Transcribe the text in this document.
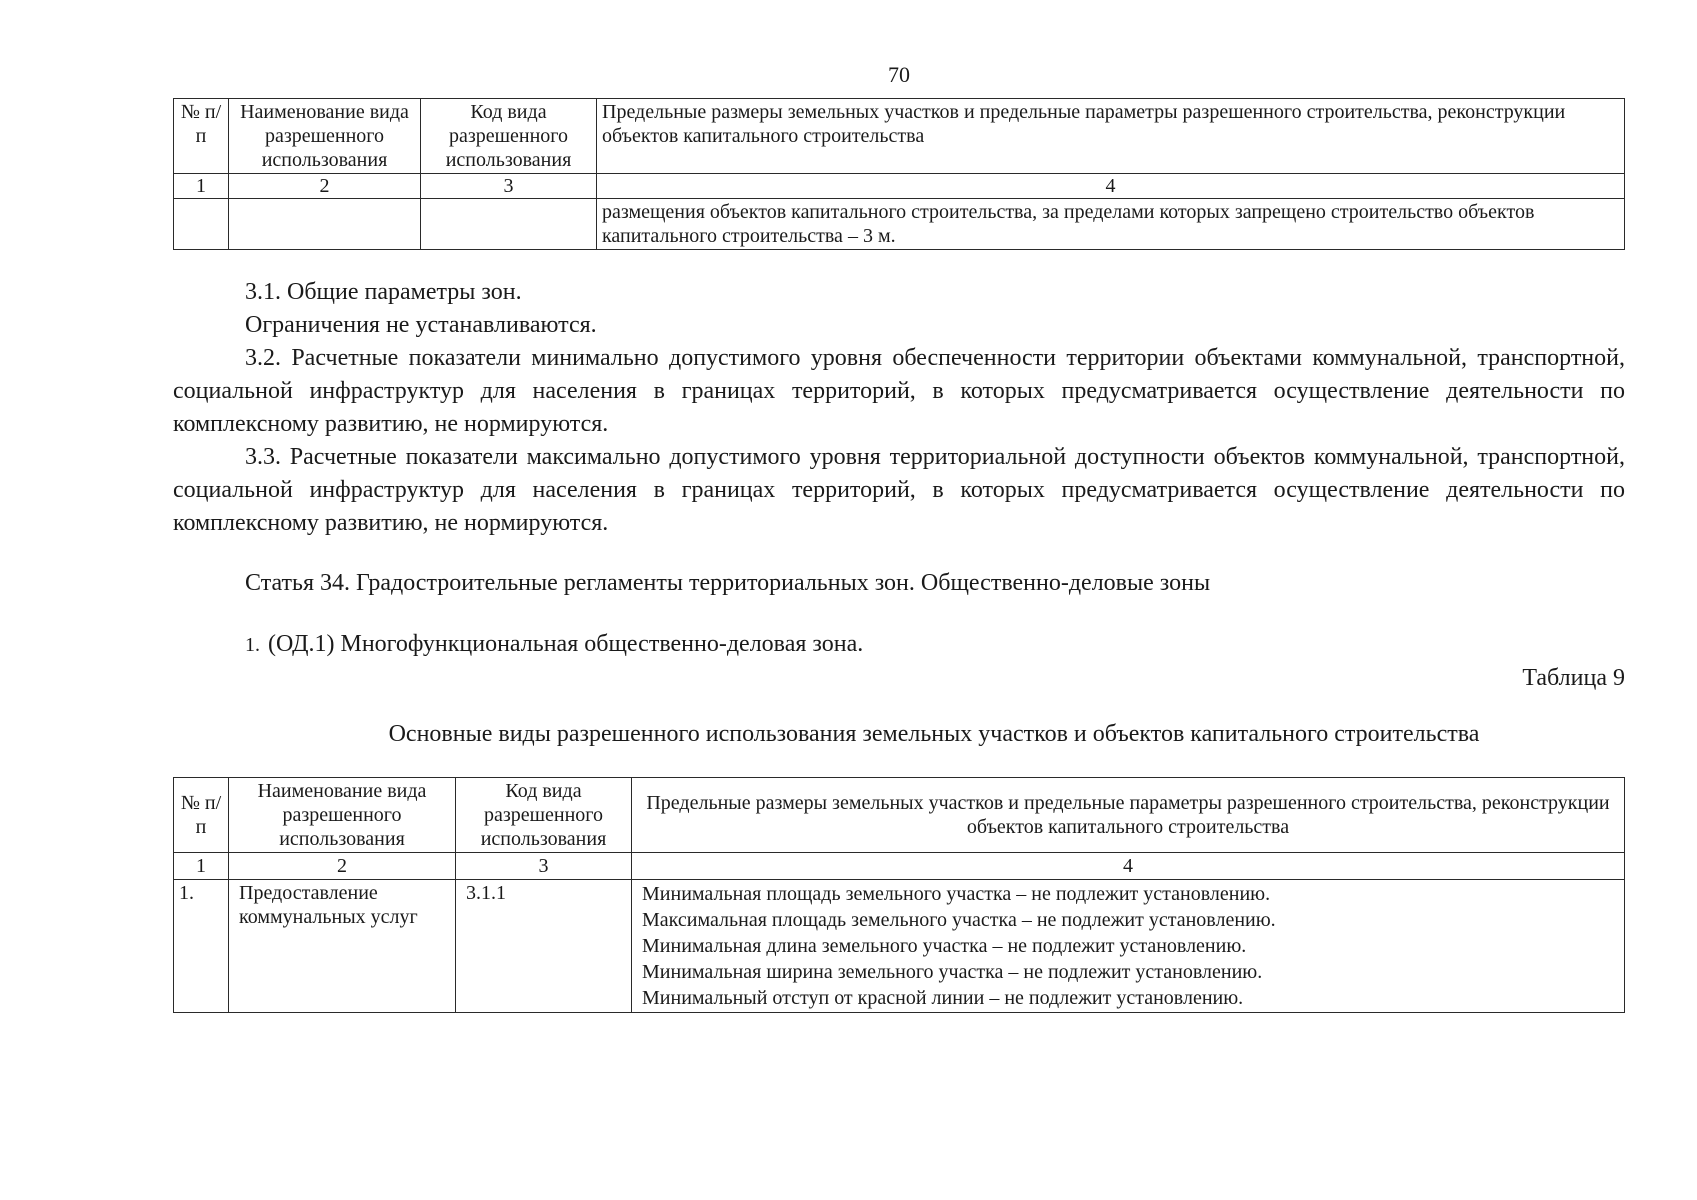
70
№ п/п	Наименование вида разрешенного использования	Код вида разрешенного использования	Предельные размеры земельных участков и предельные параметры разрешенного строительства, реконструкции объектов капитального строительства
1	2	3	4
			размещения объектов капитального строительства, за пределами которых запрещено строительство объектов капитального строительства – 3 м.
3.1. Общие параметры зон.
Ограничения не устанавливаются.
3.2. Расчетные показатели минимально допустимого уровня обеспеченности территории объектами коммунальной, транспортной, социальной инфраструктур для населения в границах территорий, в которых предусматривается осуществление деятельности по комплексному развитию, не нормируются.
3.3. Расчетные показатели максимально допустимого уровня территориальной доступности объектов коммунальной, транспортной, социальной инфраструктур для населения в границах территорий, в которых предусматривается осуществление деятельности по комплексному развитию, не нормируются.
Статья 34. Градостроительные регламенты территориальных зон. Общественно-деловые зоны
1. (ОД.1) Многофункциональная общественно-деловая зона.
Таблица 9
Основные виды разрешенного использования земельных участков и объектов капитального строительства
№ п/п	Наименование вида разрешенного использования	Код вида разрешенного использования	Предельные размеры земельных участков и предельные параметры разрешенного строительства, реконструкции объектов капитального строительства
1	2	3	4
1.	Предоставление коммунальных услуг	3.1.1	Минимальная площадь земельного участка – не подлежит установлению.
Максимальная площадь земельного участка – не подлежит установлению.
Минимальная длина земельного участка – не подлежит установлению.
Минимальная ширина земельного участка – не подлежит установлению.
Минимальный отступ от красной линии – не подлежит установлению.
